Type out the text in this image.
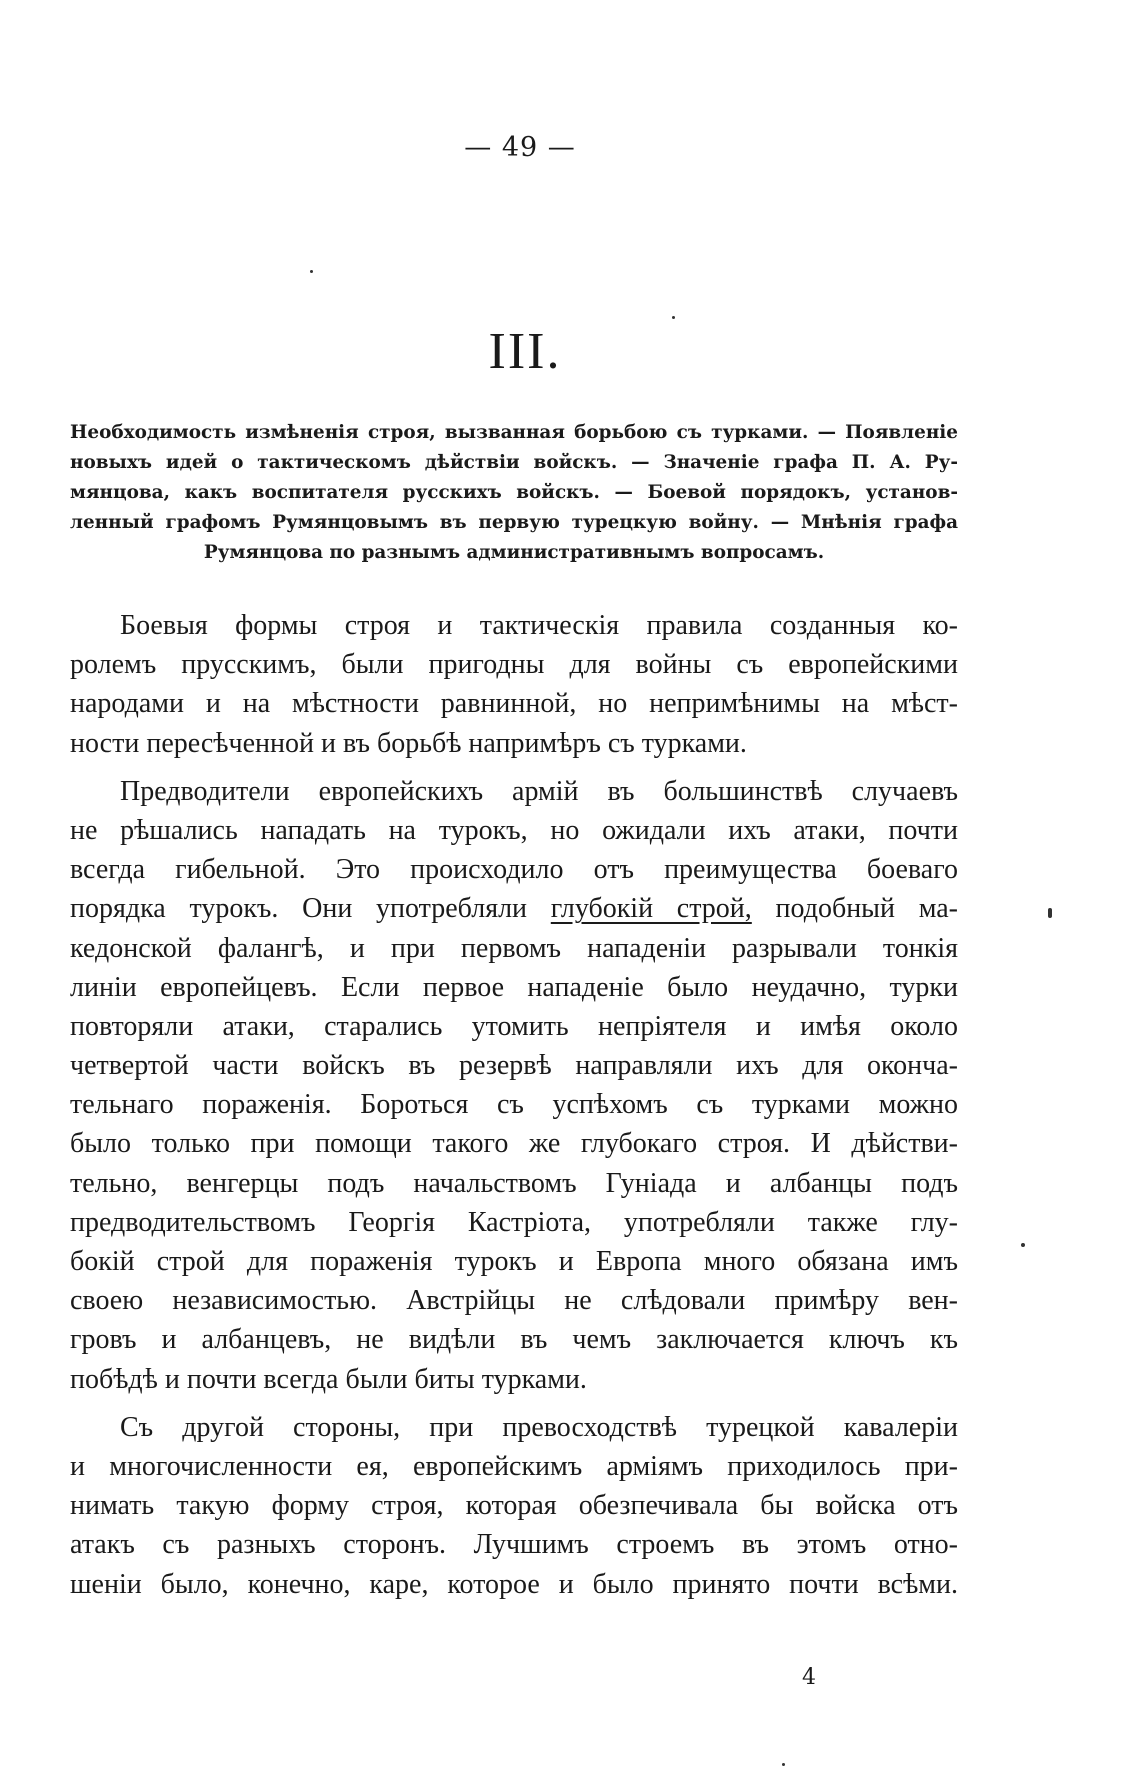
— 49 —
III.
Необходимость измѣненія строя, вызванная борьбою съ турками. — Появленіе
новыхъ идей о тактическомъ дѣйствіи войскъ. — Значеніе графа П. А. Ру-
мянцова, какъ воспитателя русскихъ войскъ. — Боевой порядокъ, установ-
ленный графомъ Румянцовымъ въ первую турецкую войну. — Мнѣнія графа
Румянцова по разнымъ административнымъ вопросамъ.
Боевыя формы строя и тактическія правила созданныя ко-
ролемъ прусскимъ, были пригодны для войны съ европейскими
народами и на мѣстности равнинной, но непримѣнимы на мѣст-
ности пересѣченной и въ борьбѣ напримѣръ съ турками.
Предводители европейскихъ армій въ большинствѣ случаевъ
не рѣшались нападать на турокъ, но ожидали ихъ атаки, почти
всегда гибельной. Это происходило отъ преимущества боеваго
порядка турокъ. Они употребляли глубокій строй, подобный ма-
кедонской фалангѣ, и при первомъ нападеніи разрывали тонкія
линіи европейцевъ. Если первое нападеніе было неудачно, турки
повторяли атаки, старались утомить непріятеля и имѣя около
четвертой части войскъ въ резервѣ направляли ихъ для оконча-
тельнаго пораженія. Бороться съ успѣхомъ съ турками можно
было только при помощи такого же глубокаго строя. И дѣйстви-
тельно, венгерцы подъ начальствомъ Гуніада и албанцы подъ
предводительствомъ Георгія Кастріота, употребляли также глу-
бокій строй для пораженія турокъ и Европа много обязана имъ
своею независимостью. Австрійцы не слѣдовали примѣру вен-
гровъ и албанцевъ, не видѣли въ чемъ заключается ключъ къ
побѣдѣ и почти всегда были биты турками.
Съ другой стороны, при превосходствѣ турецкой кавалеріи
и многочисленности ея, европейскимъ арміямъ приходилось при-
нимать такую форму строя, которая обезпечивала бы войска отъ
атакъ съ разныхъ сторонъ. Лучшимъ строемъ въ этомъ отно-
шеніи было, конечно, каре, которое и было принято почти всѣми.
4
